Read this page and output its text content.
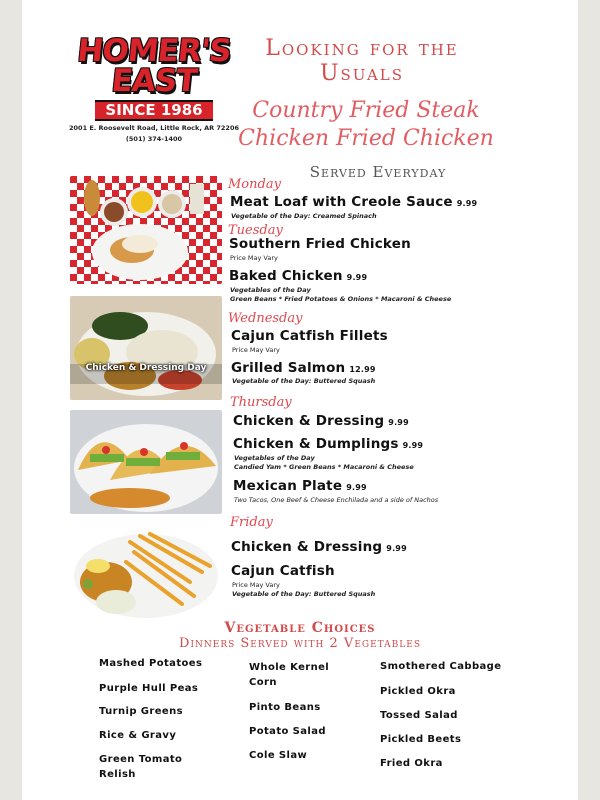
HOMER'S
EAST
SINCE 1986
2001 E. Roosevelt Road, Little Rock, AR 72206
(501) 374-1400
Looking for the
Usuals
Country Fried Steak
Chicken Fried Chicken
Served Everyday
Chicken & Dressing Day
Monday
Meat Loaf with Creole Sauce 9.99
Vegetable of the Day: Creamed Spinach
Tuesday
Southern Fried Chicken
Price May Vary
Baked Chicken 9.99
Vegetables of the Day
Green Beans * Fried Potatoes & Onions * Macaroni & Cheese
Wednesday
Cajun Catfish Fillets
Price May Vary
Grilled Salmon 12.99
Vegetable of the Day: Buttered Squash
Thursday
Chicken & Dressing 9.99
Chicken & Dumplings 9.99
Vegetables of the Day
Candied Yam * Green Beans * Macaroni & Cheese
Mexican Plate 9.99
Two Tacos, One Beef & Cheese Enchilada and a side of Nachos
Friday
Chicken & Dressing 9.99
Cajun Catfish
Price May Vary
Vegetable of the Day: Buttered Squash
Vegetable Choices
Dinners Served with 2 Vegetables
Mashed Potatoes
Purple Hull Peas
Turnip Greens
Rice & Gravy
Green Tomato Relish
Whole Kernel Corn
Pinto Beans
Potato Salad
Cole Slaw
Smothered Cabbage
Pickled Okra
Tossed Salad
Pickled Beets
Fried Okra
